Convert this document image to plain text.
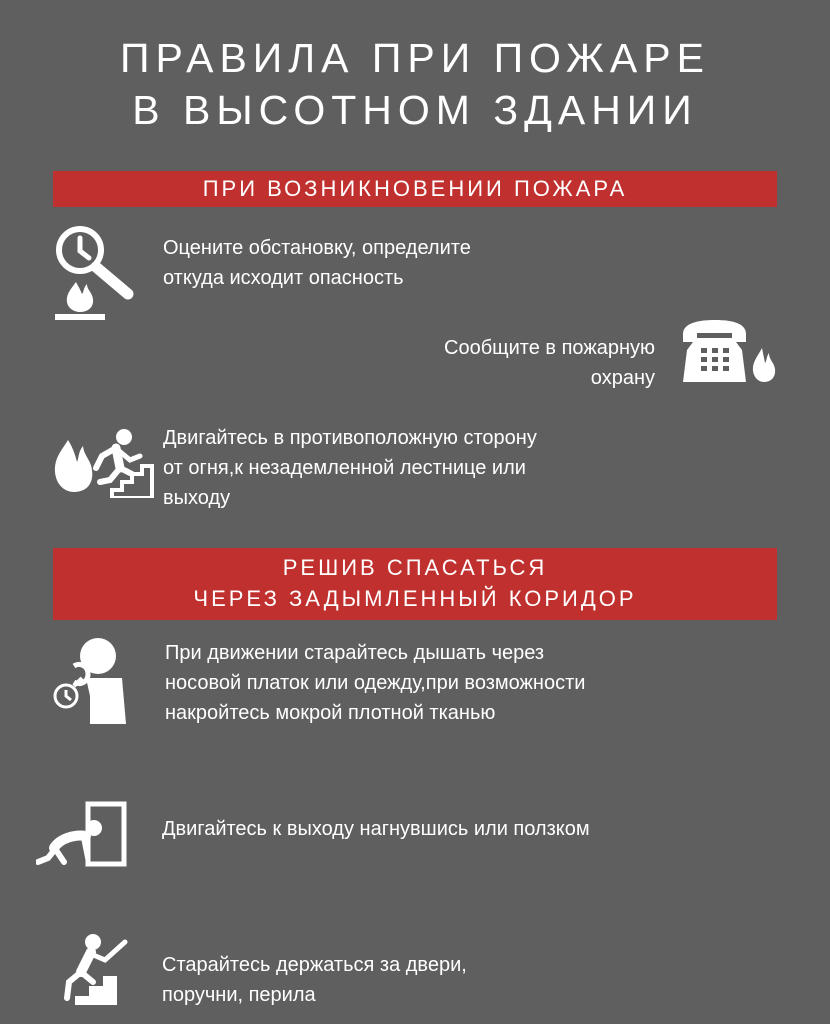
ПРАВИЛА ПРИ ПОЖАРЕ
В ВЫСОТНОМ ЗДАНИИ
ПРИ ВОЗНИКНОВЕНИИ ПОЖАРА
Оцените обстановку, определите
откуда исходит опасность
Сообщите в пожарную
охрану
Двигайтесь в противоположную сторону
от огня,к незадемленной лестнице или
выходу
РЕШИВ СПАСАТЬСЯ
ЧЕРЕЗ ЗАДЫМЛЕННЫЙ КОРИДОР
При движении старайтесь дышать через
носовой платок или одежду,при возможности
накройтесь мокрой плотной тканью
Двигайтесь к выходу нагнувшись или ползком
Старайтесь держаться за двери,
поручни, перила
